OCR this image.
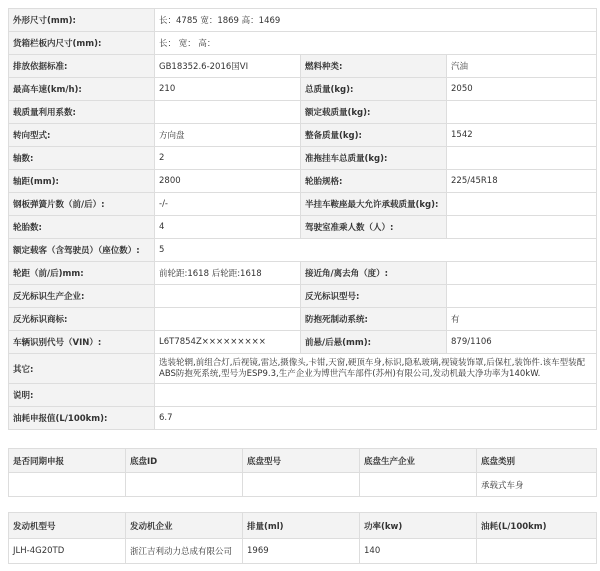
外形尺寸(mm):	长：4785 宽：1869 高：1469		
货箱栏板内尺寸(mm):	长： 宽： 高：		
排放依据标准:	GB18352.6-2016国VI	燃料种类:	汽油
最高车速(km/h):	210	总质量(kg):	2050
载质量利用系数:		额定载质量(kg):	
转向型式:	方向盘	整备质量(kg):	1542
轴数:	2	准拖挂车总质量(kg):	
轴距(mm):	2800	轮胎规格:	225/45R18
钢板弹簧片数（前/后）:	-/-	半挂车鞍座最大允许承载质量(kg):	
轮胎数:	4	驾驶室准乘人数（人）:	
额定载客（含驾驶员）（座位数）:	5		
轮距（前/后)mm:	前轮距:1618 后轮距:1618	接近角/离去角（度）:	
反光标识生产企业:		反光标识型号:	
反光标识商标:		防抱死制动系统:	有
车辆识别代号（VIN）:	L6T7854Z×××××××××	前悬/后悬(mm):	879/1106
其它:	选装轮辋,前组合灯,后视镜,雷达,摄像头,卡钳,天窗,硬顶车身,标识,隐私玻璃,视镜装饰罩,后保杠,装饰件.该车型装配ABS防抱死系统,型号为ESP9.3,生产企业为博世汽车部件(苏州)有限公司,发动机最大净功率为140kW.		
说明:			
油耗申报值(L/100km):	6.7		
是否同期申报	底盘ID	底盘型号	底盘生产企业	底盘类别
				承载式车身
发动机型号	发动机企业	排量(ml)	功率(kw)	油耗(L/100km)
JLH-4G20TD	浙江吉利动力总成有限公司	1969	140	
